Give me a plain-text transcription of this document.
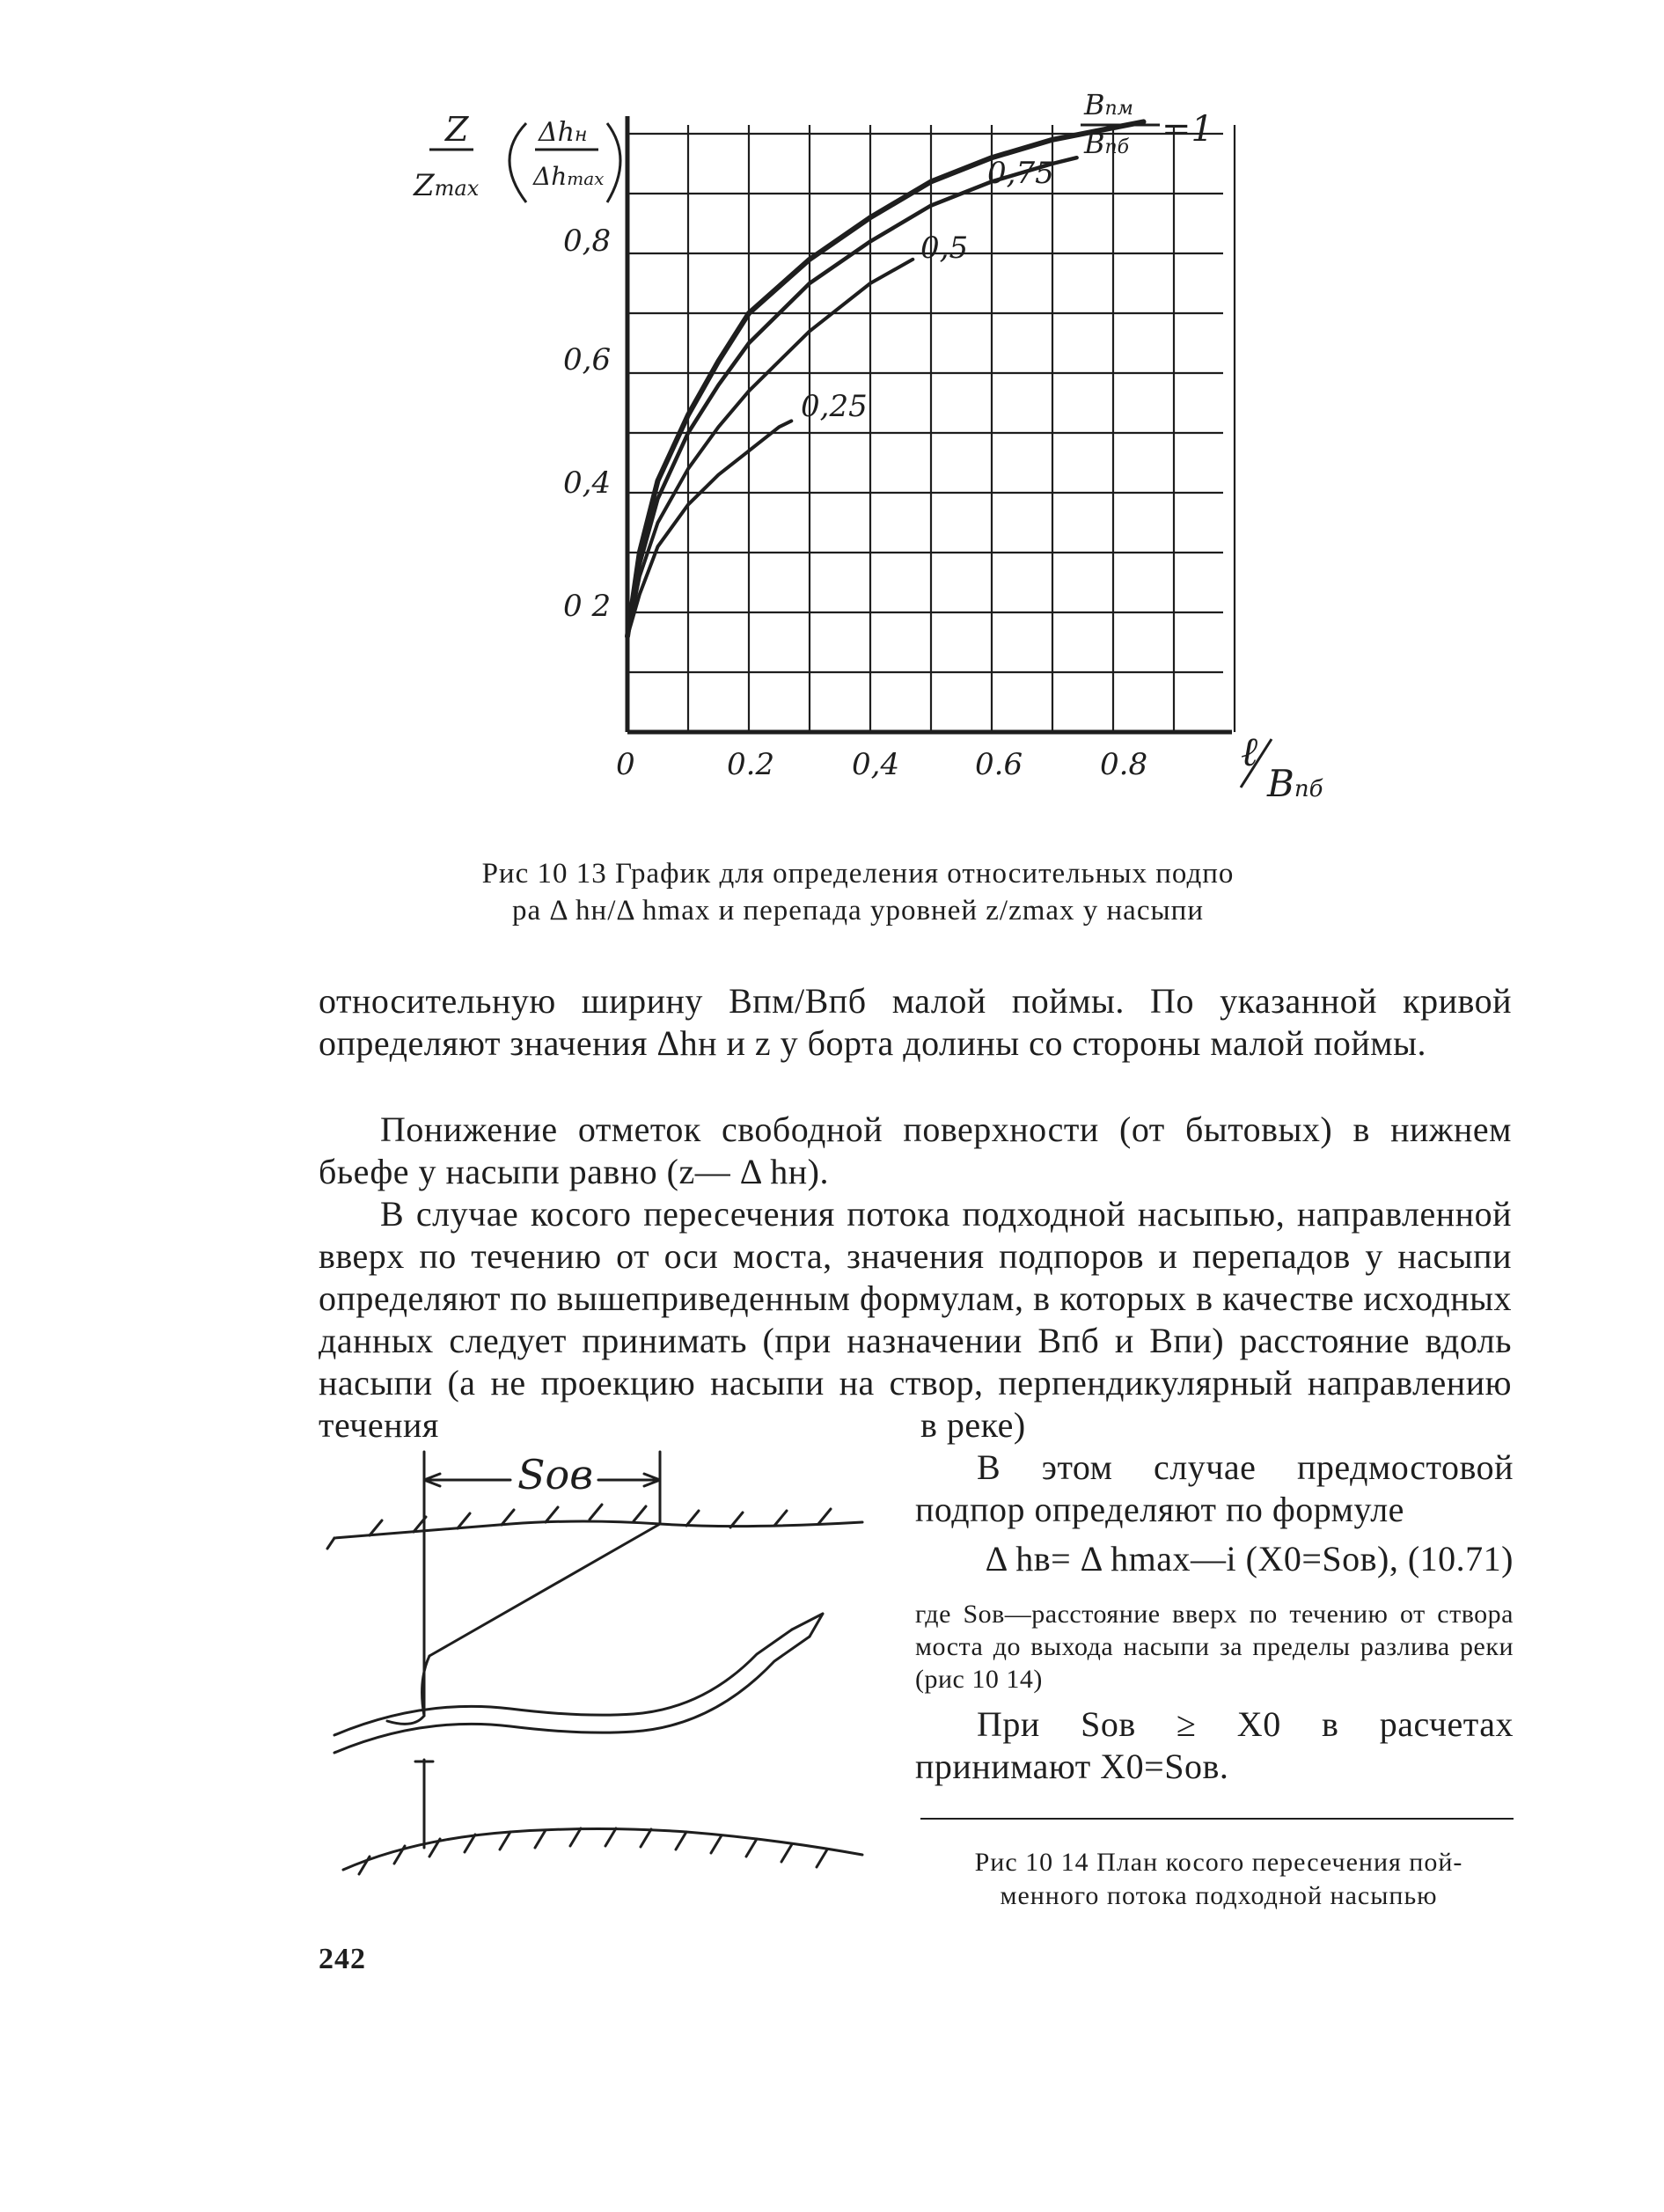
0	0.2	0,4	0.6	0.8
0 2
0,4
0,6
0,8
Z
Zmax
Δhн
Δhmax
ℓ
Bпб
Bпм
Bпб =1
0,75
0,5
0,25
Рис 10 13 График для определения относительных подпо
ра Δ hн/Δ hmax и перепада уровней z/zmax у насыпи
относительную ширину Bпм/Bпб малой поймы. По указанной кривой определяют значения Δhн и z у борта долины со стороны малой поймы.
Понижение отметок свободной поверхности (от бытовых) в нижнем бьефе у насыпи равно (z— Δ hн).
В случае косого пересечения потока подходной насыпью, направленной вверх по течению от оси моста, значения подпоров и перепадов у насыпи определяют по вышеприведенным формулам, в которых в качестве исходных данных следует принимать (при назначении Bпб и Bпи) расстояние вдоль насыпи (а не проекцию насыпи на створ, перпендикулярный направлению течения	в реке)
В этом случае предмостовой подпор определяют по формуле
Δ hв= Δ hmax—i (X0=Sов), (10.71)
где Sов—расстояние вверх по течению от створа моста до выхода насыпи за пределы разлива реки (рис 10 14)
При Sов ≥ X0 в расчетах принимают X0=Sов.
Рис 10 14 План косого пересечения пой-
менного потока подходной насыпью
Sов
242
